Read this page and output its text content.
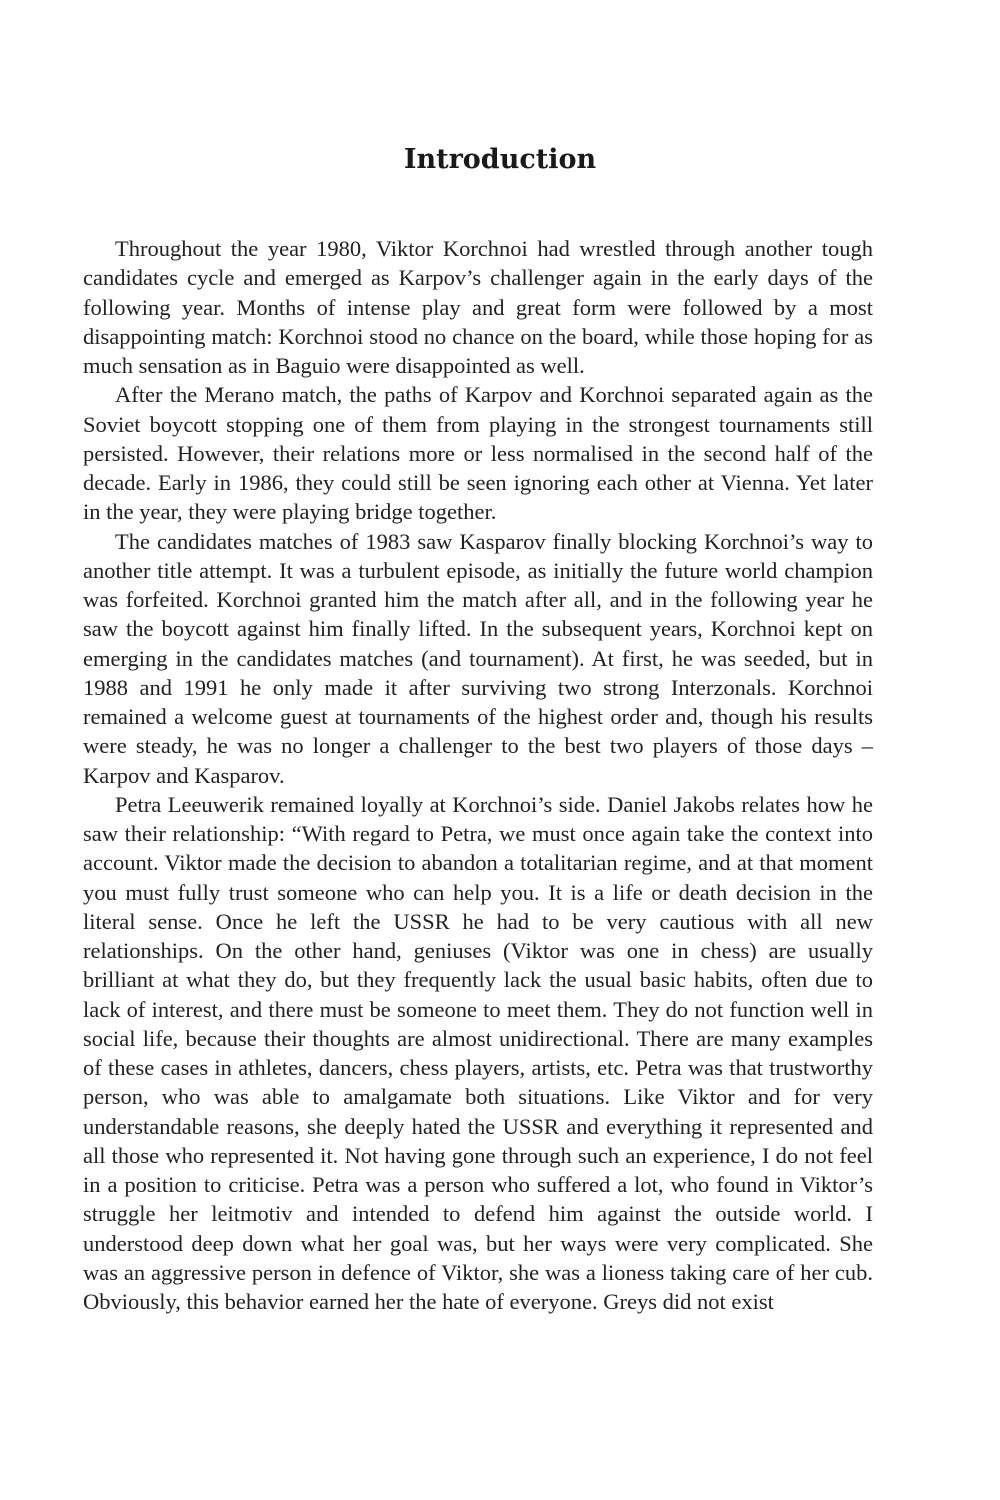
Introduction

Throughout the year 1980, Viktor Korchnoi had wrestled through another tough candidates cycle and emerged as Karpov’s challenger again in the early days of the following year. Months of intense play and great form were followed by a most disappointing match: Korchnoi stood no chance on the board, while those hoping for as much sensation as in Baguio were disappointed as well.

After the Merano match, the paths of Karpov and Korchnoi separated again as the Soviet boycott stopping one of them from playing in the strongest tournaments still persisted. However, their relations more or less normalised in the second half of the decade. Early in 1986, they could still be seen ignoring each other at Vienna. Yet later in the year, they were playing bridge together.

The candidates matches of 1983 saw Kasparov finally blocking Korchnoi’s way to another title attempt. It was a turbulent episode, as initially the future world champion was forfeited. Korchnoi granted him the match after all, and in the following year he saw the boycott against him finally lifted. In the subsequent years, Korchnoi kept on emerging in the candidates matches (and tournament). At first, he was seeded, but in 1988 and 1991 he only made it after surviving two strong Interzonals. Korchnoi remained a welcome guest at tournaments of the highest order and, though his results were steady, he was no longer a challenger to the best two players of those days – Karpov and Kasparov.

Petra Leeuwerik remained loyally at Korchnoi’s side. Daniel Jakobs relates how he saw their relationship: “With regard to Petra, we must once again take the context into account. Viktor made the decision to abandon a totalitarian regime, and at that moment you must fully trust someone who can help you. It is a life or death decision in the literal sense. Once he left the USSR he had to be very cautious with all new relationships. On the other hand, geniuses (Viktor was one in chess) are usually brilliant at what they do, but they frequently lack the usual basic habits, often due to lack of interest, and there must be someone to meet them. They do not function well in social life, because their thoughts are almost unidirectional. There are many examples of these cases in athletes, dancers, chess players, artists, etc. Petra was that trustworthy person, who was able to amalgamate both situations. Like Viktor and for very understandable reasons, she deeply hated the USSR and everything it represented and all those who represented it. Not having gone through such an experience, I do not feel in a position to criticise. Petra was a person who suffered a lot, who found in Viktor’s struggle her leitmotiv and intended to defend him against the outside world. I understood deep down what her goal was, but her ways were very complicated. She was an aggressive person in defence of Viktor, she was a lioness taking care of her cub. Obviously, this behavior earned her the hate of everyone. Greys did not exist
